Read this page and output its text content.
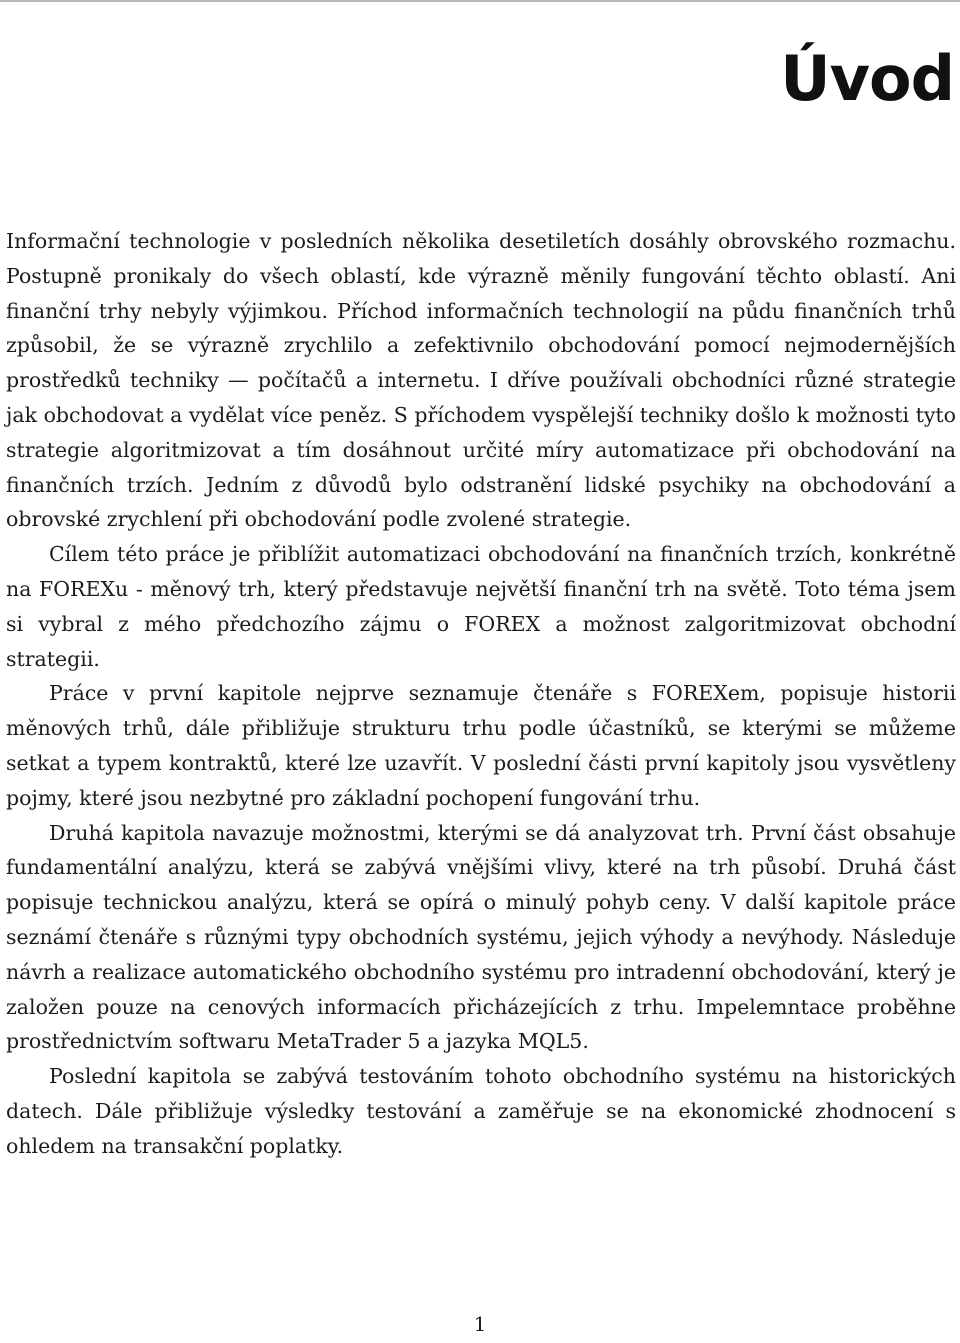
Úvod

Informační technologie v posledních několika desetiletích dosáhly obrovského rozmachu. Postupně pronikaly do všech oblastí, kde výrazně měnily fungování těchto oblastí. Ani finanční trhy nebyly výjimkou. Příchod informačních technologií na půdu finančních trhů způsobil, že se výrazně zrychlilo a zefektivnilo obchodování pomocí nejmodernějších prostředků techniky — počítačů a internetu. I dříve používali obchodníci různé strategie jak obchodovat a vydělat více peněz. S příchodem vyspělejší techniky došlo k možnosti tyto strategie algoritmizovat a tím dosáhnout určité míry automatizace při obchodování na finančních trzích. Jedním z důvodů bylo odstranění lidské psychiky na obchodování a obrovské zrychlení při obchodování podle zvolené strategie.

Cílem této práce je přiblížit automatizaci obchodování na finančních trzích, konkrétně na FOREXu - měnový trh, který představuje největší finanční trh na světě. Toto téma jsem si vybral z mého předchozího zájmu o FOREX a možnost zalgoritmizovat obchodní strategii.

Práce v první kapitole nejprve seznamuje čtenáře s FOREXem, popisuje historii měnových trhů, dále přibližuje strukturu trhu podle účastníků, se kterými se můžeme setkat a typem kontraktů, které lze uzavřít. V poslední části první kapitoly jsou vysvětleny pojmy, které jsou nezbytné pro základní pochopení fungování trhu.

Druhá kapitola navazuje možnostmi, kterými se dá analyzovat trh. První část obsahuje fundamentální analýzu, která se zabývá vnějšími vlivy, které na trh působí. Druhá část popisuje technickou analýzu, která se opírá o minulý pohyb ceny. V další kapitole práce seznámí čtenáře s různými typy obchodních systému, jejich výhody a nevýhody. Následuje návrh a realizace automatického obchodního systému pro intradenní obchodování, který je založen pouze na cenových informacích přicházejících z trhu. Impelemntace proběhne prostřednictvím softwaru MetaTrader 5 a jazyka MQL5.

Poslední kapitola se zabývá testováním tohoto obchodního systému na historických datech. Dále přibližuje výsledky testování a zaměřuje se na ekonomické zhodnocení s ohledem na transakční poplatky.

1
